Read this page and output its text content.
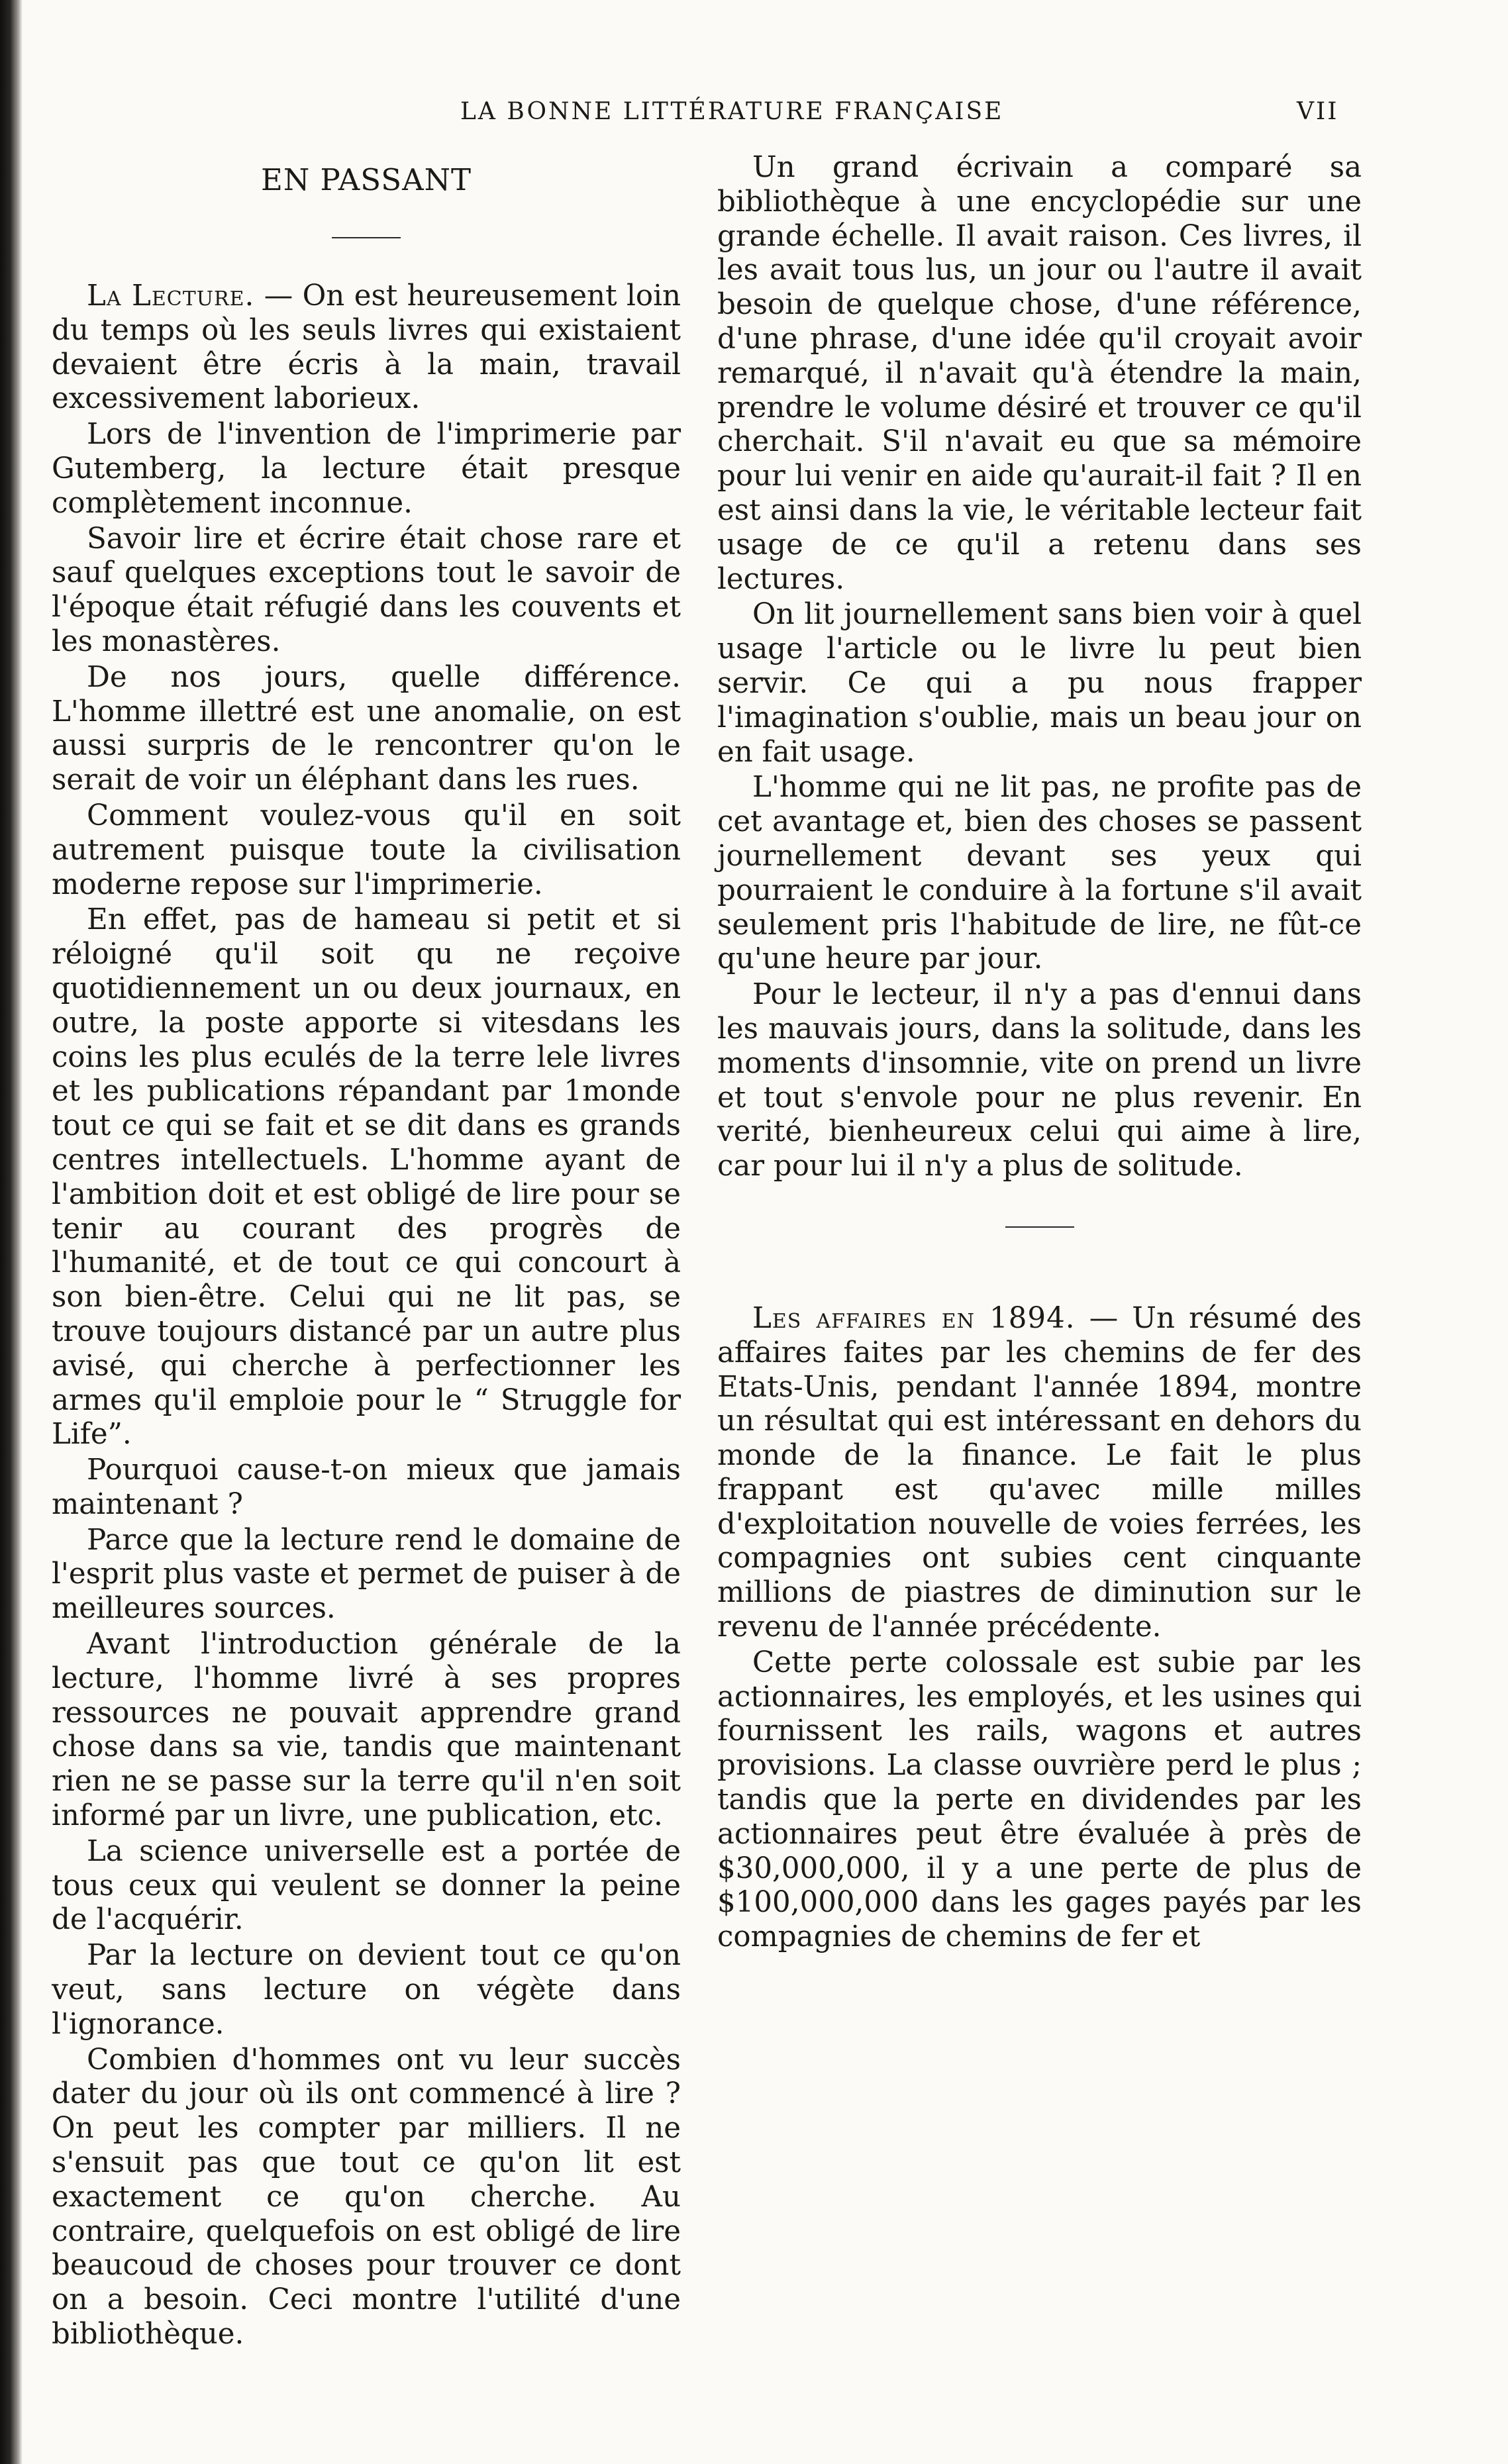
LA BONNE LITTÉRATURE FRANÇAISE	VII
EN PASSANT

La Lecture. — On est heureusement loin du temps où les seuls livres qui existaient devaient être écris à la main, travail excessivement laborieux.

Lors de l'invention de l'imprimerie par Gutemberg, la lecture était presque complètement inconnue.

Savoir lire et écrire était chose rare et sauf quelques exceptions tout le savoir de l'époque était réfugié dans les couvents et les monastères.

De nos jours, quelle différence. L'homme illettré est une anomalie, on est aussi surpris de le rencontrer qu'on le serait de voir un éléphant dans les rues.

Comment voulez-vous qu'il en soit autrement puisque toute la civilisation moderne repose sur l'imprimerie.

En effet, pas de hameau si petit et si réloigné qu'il soit qu ne reçoive quotidiennement un ou deux journaux, en outre, la poste apporte si vitesdans les coins les plus eculés de la terre lele livres et les publications répandant par 1monde tout ce qui se fait et se dit dans es grands centres intellectuels. L'homme ayant de l'ambition doit et est obligé de lire pour se tenir au courant des progrès de l'humanité, et de tout ce qui concourt à son bien-être. Celui qui ne lit pas, se trouve toujours distancé par un autre plus avisé, qui cherche à perfectionner les armes qu'il emploie pour le “ Struggle for Life”.

Pourquoi cause-t-on mieux que jamais maintenant ?

Parce que la lecture rend le domaine de l'esprit plus vaste et permet de puiser à de meilleures sources.

Avant l'introduction générale de la lecture, l'homme livré à ses propres ressources ne pouvait apprendre grand chose dans sa vie, tandis que maintenant rien ne se passe sur la terre qu'il n'en soit informé par un livre, une publication, etc.

La science universelle est a portée de tous ceux qui veulent se donner la peine de l'acquérir.

Par la lecture on devient tout ce qu'on veut, sans lecture on végète dans l'ignorance.

Combien d'hommes ont vu leur succès dater du jour où ils ont commencé à lire ? On peut les compter par milliers. Il ne s'ensuit pas que tout ce qu'on lit est exactement ce qu'on cherche. Au contraire, quelquefois on est obligé de lire beaucoud de choses pour trouver ce dont on a besoin. Ceci montre l'utilité d'une bibliothèque.

Un grand écrivain a comparé sa bibliothèque à une encyclopédie sur une grande échelle. Il avait raison. Ces livres, il les avait tous lus, un jour ou l'autre il avait besoin de quelque chose, d'une référence, d'une phrase, d'une idée qu'il croyait avoir remarqué, il n'avait qu'à étendre la main, prendre le volume désiré et trouver ce qu'il cherchait. S'il n'avait eu que sa mémoire pour lui venir en aide qu'aurait-il fait ? Il en est ainsi dans la vie, le véritable lecteur fait usage de ce qu'il a retenu dans ses lectures.

On lit journellement sans bien voir à quel usage l'article ou le livre lu peut bien servir. Ce qui a pu nous frapper l'imagination s'oublie, mais un beau jour on en fait usage.

L'homme qui ne lit pas, ne profite pas de cet avantage et, bien des choses se passent journellement devant ses yeux qui pourraient le conduire à la fortune s'il avait seulement pris l'habitude de lire, ne fût-ce qu'une heure par jour.

Pour le lecteur, il n'y a pas d'ennui dans les mauvais jours, dans la solitude, dans les moments d'insomnie, vite on prend un livre et tout s'envole pour ne plus revenir. En verité, bienheureux celui qui aime à lire, car pour lui il n'y a plus de solitude.

Les affaires en 1894. — Un résumé des affaires faites par les chemins de fer des Etats-Unis, pendant l'année 1894, montre un résultat qui est intéressant en dehors du monde de la finance. Le fait le plus frappant est qu'avec mille milles d'exploitation nouvelle de voies ferrées, les compagnies ont subies cent cinquante millions de piastres de diminution sur le revenu de l'année précédente.

Cette perte colossale est subie par les actionnaires, les employés, et les usines qui fournissent les rails, wagons et autres provisions. La classe ouvrière perd le plus ; tandis que la perte en dividendes par les actionnaires peut être évaluée à près de $30,000,000, il y a une perte de plus de $100,000,000 dans les gages payés par les compagnies de chemins de fer et
